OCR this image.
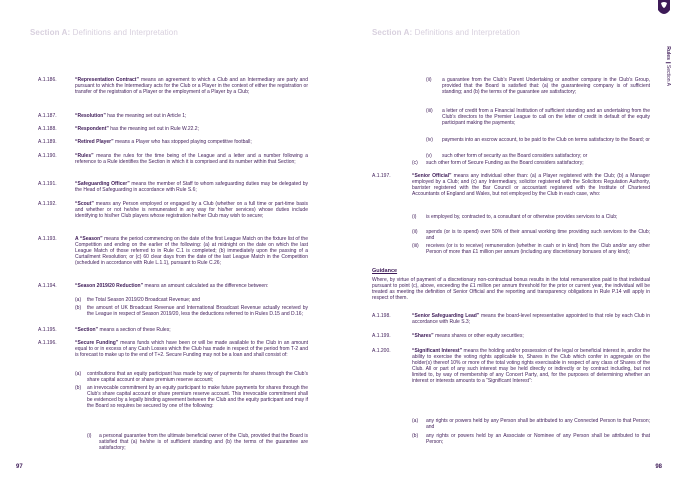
Section A: Definitions and Interpretation
A.1.186.	“Representation Contract” means an agreement to which a Club and an Intermediary are party and pursuant to which the Intermediary acts for the Club or a Player in the context of either the registration or transfer of the registration of a Player or the employment of a Player by a Club;
A.1.187.	“Resolution” has the meaning set out in Article 1;
A.1.188.	“Respondent” has the meaning set out in Rule W.22.2;
A.1.189.	“Retired Player” means a Player who has stopped playing competitive football;
A.1.190.	“Rules” means the rules for the time being of the League and a letter and a number following a reference to a Rule identifies the Section in which it is comprised and its number within that Section;
A.1.191.	“Safeguarding Officer” means the member of Staff to whom safeguarding duties may be delegated by the Head of Safeguarding in accordance with Rule S.6;
A.1.192.	“Scout” means any Person employed or engaged by a Club (whether on a full time or part-time basis and whether or not he/she is remunerated in any way for his/her services) whose duties include identifying to his/her Club players whose registration he/her Club may wish to secure;
A.1.193.	A “Season” means the period commencing on the date of the first League Match on the fixture list of the Competition and ending on the earlier of the following: (a) at midnight on the date on which the last League Match of those referred to in Rule C.1 is completed; (b) immediately upon the passing of a Curtailment Resolution; or (c) 60 clear days from the date of the last League Match in the Competition (scheduled in accordance with Rule L.1.1), pursuant to Rule C.26;
A.1.194.	“Season 2019/20 Reduction” means an amount calculated as the difference between:
(a) the Total Season 2019/20 Broadcast Revenue; and
(b) the amount of UK Broadcast Revenue and International Broadcast Revenue actually received by the League in respect of Season 2019/20, less the deductions referred to in Rules D.15 and D.16;
A.1.195.	“Section” means a section of these Rules;
A.1.196.	“Secure Funding” means funds which have been or will be made available to the Club in an amount equal to or in excess of any Cash Losses which the Club has made in respect of the period from T-2 and is forecast to make up to the end of T+2. Secure Funding may not be a loan and shall consist of:
(a) contributions that an equity participant has made by way of payments for shares through the Club’s share capital account or share premium reserve account;
(b) an irrevocable commitment by an equity participant to make future payments for shares through the Club’s share capital account or share premium reserve account. This irrevocable commitment shall be evidenced by a legally binding agreement between the Club and the equity participant and may if the Board so requires be secured by one of the following:
(i) a personal guarantee from the ultimate beneficial owner of the Club, provided that the Board is satisfied that (a) he/she is of sufficient standing and (b) the terms of the guarantee are satisfactory;
97
Section A: Definitions and Interpretation
RulesSection A
(ii) a guarantee from the Club’s Parent Undertaking or another company in the Club’s Group, provided that the Board is satisfied that: (a) the guaranteeing company is of sufficient standing; and (b) the terms of the guarantee are satisfactory;
(iii) a letter of credit from a Financial Institution of sufficient standing and an undertaking from the Club’s directors to the Premier League to call on the letter of credit in default of the equity participant making the payments;
(iv) payments into an escrow account, to be paid to the Club on terms satisfactory to the Board; or
(v) such other form of security as the Board considers satisfactory; or
(c) such other form of Secure Funding as the Board considers satisfactory;
A.1.197.	“Senior Official” means any individual other than: (a) a Player registered with the Club; (b) a Manager employed by a Club; and (c) any Intermediary, solicitor registered with the Solicitors Regulation Authority, barrister registered with the Bar Council or accountant registered with the Institute of Chartered Accountants of England and Wales, but not employed by the Club in each case, who:
(i) is employed by, contracted to, a consultant of or otherwise provides services to a Club;
(ii) spends (or is to spend) over 50% of their annual working time providing such services to the Club; and
(iii) receives (or is to receive) remuneration (whether in cash or in kind) from the Club and/or any other Person of more than £1 million per annum (including any discretionary bonuses of any kind);
Guidance
Where, by virtue of payment of a discretionary non-contractual bonus results in the total remuneration paid to that individual pursuant to point (c), above, exceeding the £1 million per annum threshold for the prior or current year, the individual will be treated as meeting the definition of Senior Official and the reporting and transparency obligations in Rule P.14 will apply in respect of them.
A.1.198.	“Senior Safeguarding Lead” means the board-level representative appointed to that role by each Club in accordance with Rule S.3;
A.1.199.	“Shares” means shares or other equity securities;
A.1.200.	“Significant Interest” means the holding and/or possession of the legal or beneficial interest in, and/or the ability to exercise the voting rights applicable to, Shares in the Club which confer in aggregate on the holder(s) thereof 10% or more of the total voting rights exercisable in respect of any class of Shares of the Club. All or part of any such interest may be held directly or indirectly or by contract including, but not limited to, by way of membership of any Concert Party, and, for the purposes of determining whether an interest or interests amounts to a “Significant Interest”:
(a) any rights or powers held by any Person shall be attributed to any Connected Person to that Person; and
(b) any rights or powers held by an Associate or Nominee of any Person shall be attributed to that Person;
98
